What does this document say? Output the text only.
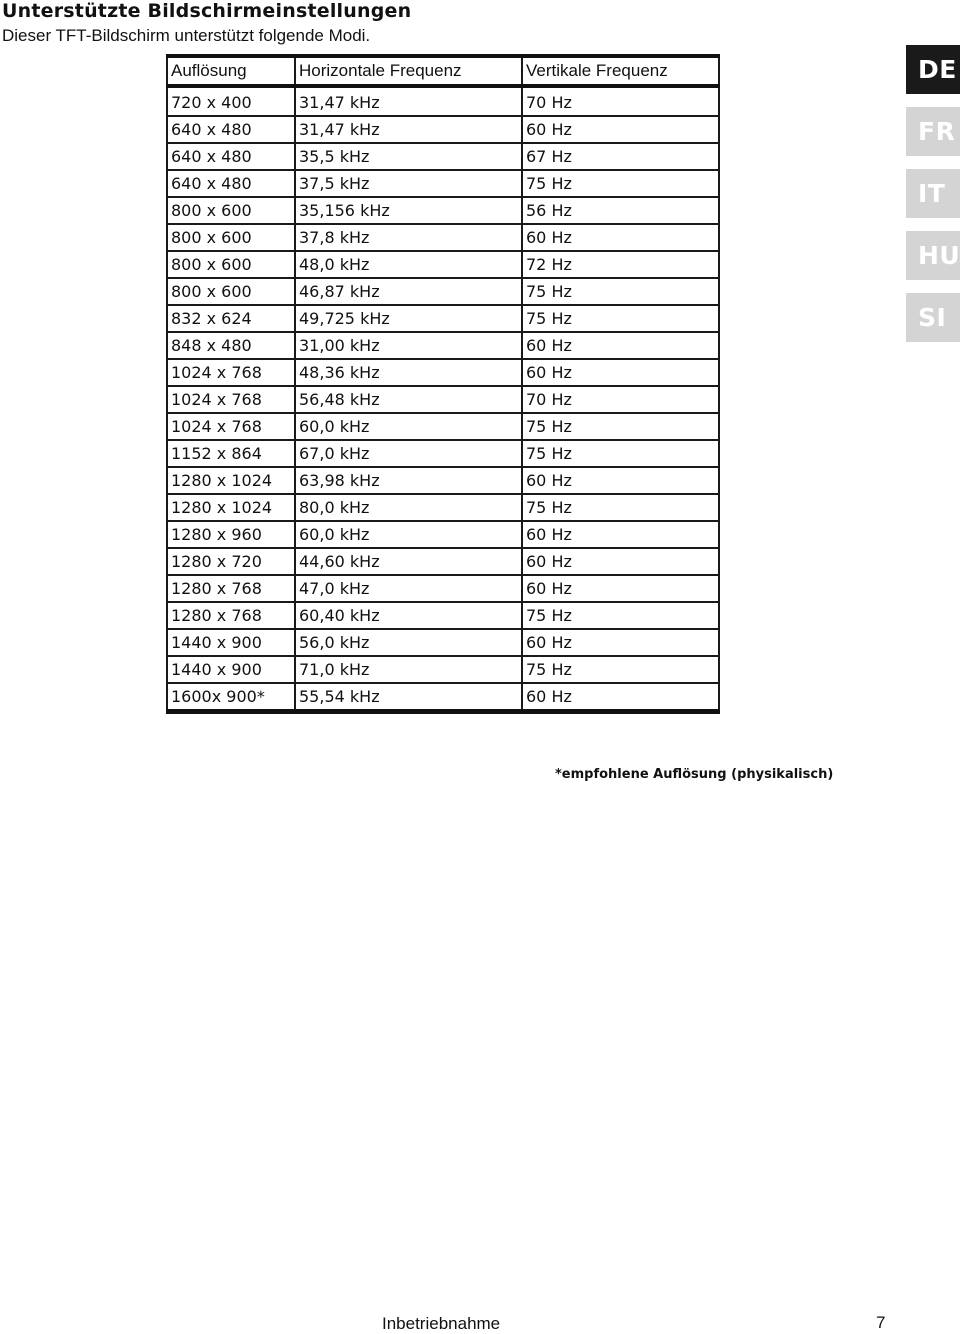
Unterstützte Bildschirmeinstellungen
Dieser TFT-Bildschirm unterstützt folgende Modi.
Auflösung	Horizontale Frequenz	Vertikale Frequenz
720 x 400	31,47 kHz	70 Hz
640 x 480	31,47 kHz	60 Hz
640 x 480	35,5 kHz	67 Hz
640 x 480	37,5 kHz	75 Hz
800 x 600	35,156 kHz	56 Hz
800 x 600	37,8 kHz	60 Hz
800 x 600	48,0 kHz	72 Hz
800 x 600	46,87 kHz	75 Hz
832 x 624	49,725 kHz	75 Hz
848 x 480	31,00 kHz	60 Hz
1024 x 768	48,36 kHz	60 Hz
1024 x 768	56,48 kHz	70 Hz
1024 x 768	60,0 kHz	75 Hz
1152 x 864	67,0 kHz	75 Hz
1280 x 1024	63,98 kHz	60 Hz
1280 x 1024	80,0 kHz	75 Hz
1280 x 960	60,0 kHz	60 Hz
1280 x 720	44,60 kHz	60 Hz
1280 x 768	47,0 kHz	60 Hz
1280 x 768	60,40 kHz	75 Hz
1440 x 900	56,0 kHz	60 Hz
1440 x 900	71,0 kHz	75 Hz
1600x 900*	55,54 kHz	60 Hz
DE
FR
IT
HU
SI
*empfohlene Auflösung (physikalisch)
Inbetriebnahme	7
